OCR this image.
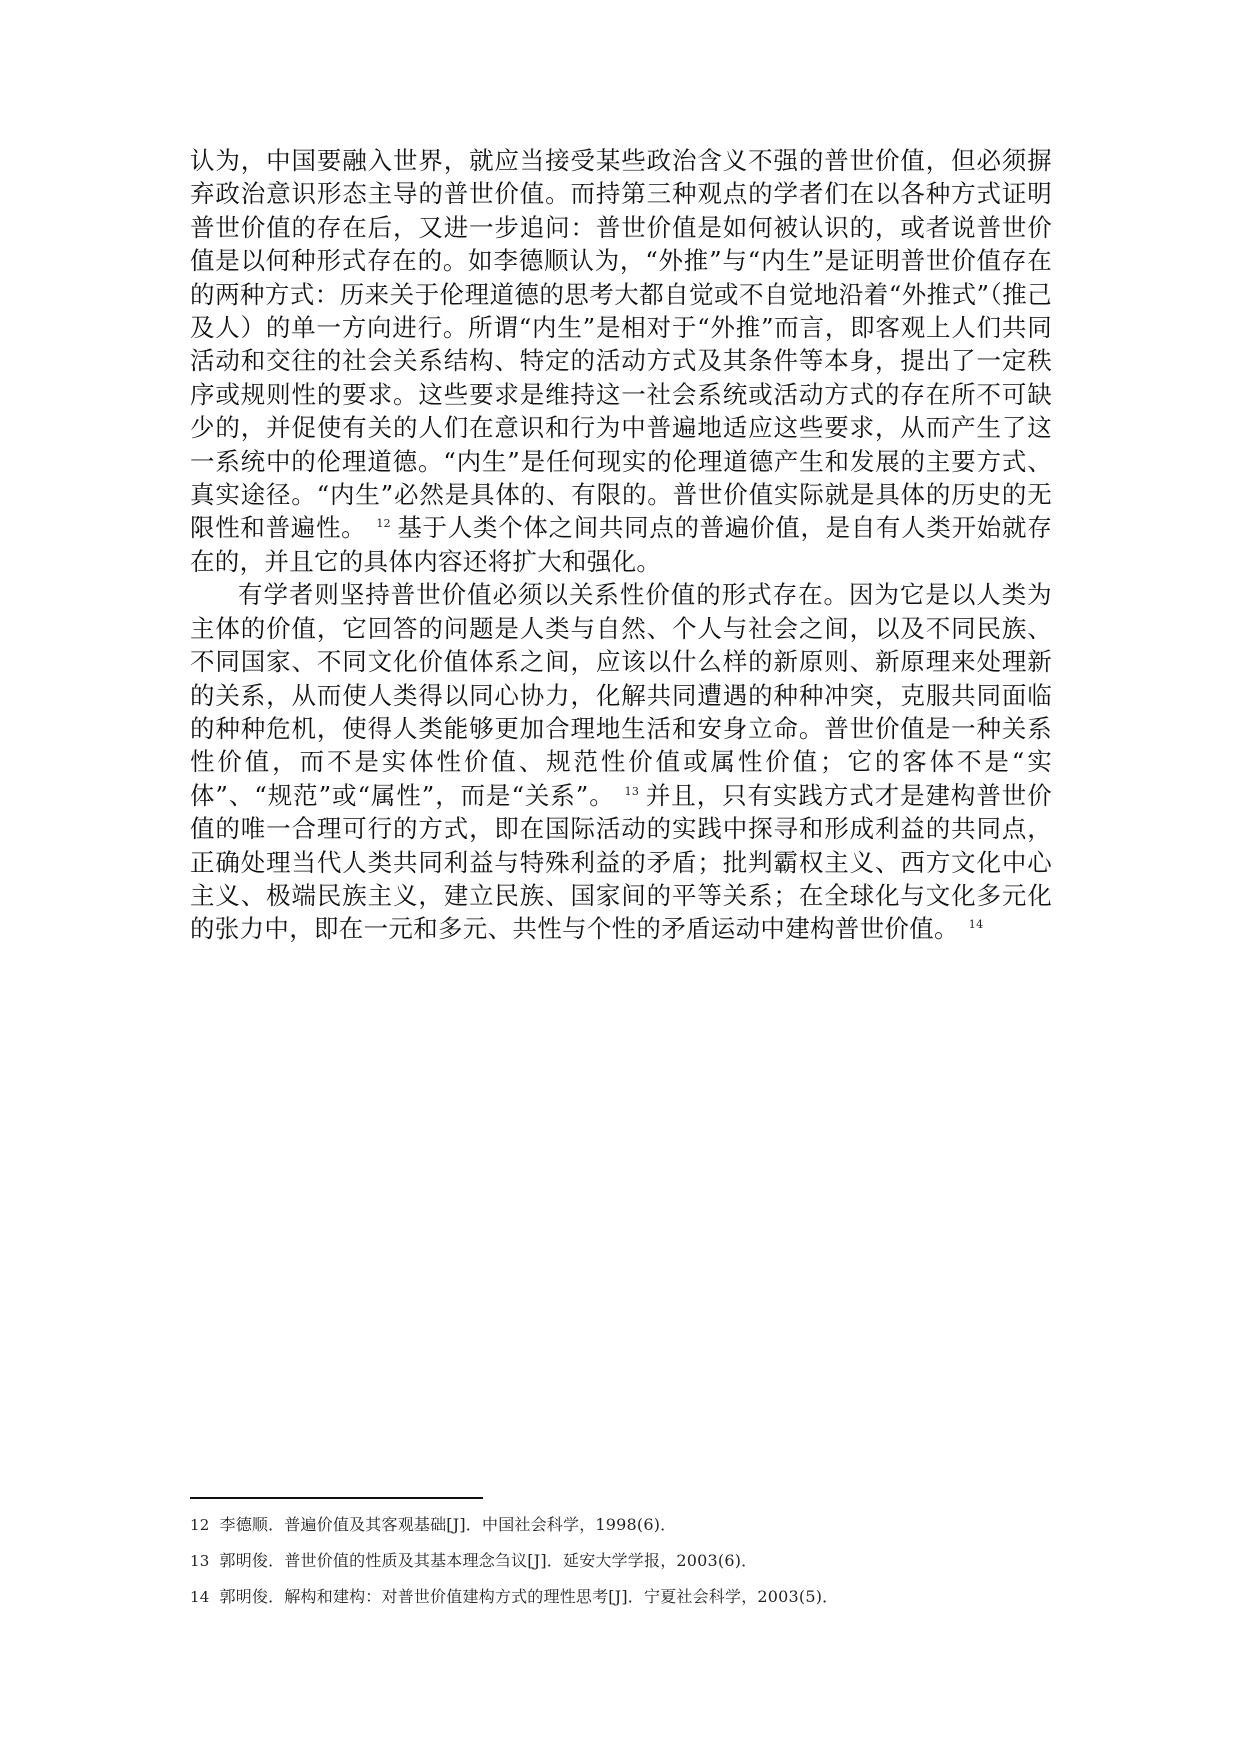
认为，中国要融入世界，就应当接受某些政治含义不强的普世价值，但必须摒弃政治意识形态主导的普世价值。而持第三种观点的学者们在以各种方式证明普世价值的存在后，又进一步追问：普世价值是如何被认识的，或者说普世价值是以何种形式存在的。如李德顺认为，“外推”与“内生”是证明普世价值存在的两种方式：历来关于伦理道德的思考大都自觉或不自觉地沿着“外推式”（推己及人）的单一方向进行。所谓“内生”是相对于“外推”而言，即客观上人们共同活动和交往的社会关系结构、特定的活动方式及其条件等本身，提出了一定秩序或规则性的要求。这些要求是维持这一社会系统或活动方式的存在所不可缺少的，并促使有关的人们在意识和行为中普遍地适应这些要求，从而产生了这一系统中的伦理道德。“内生”是任何现实的伦理道德产生和发展的主要方式、真实途径。“内生”必然是具体的、有限的。普世价值实际就是具体的历史的无限性和普遍性。 $^{12}$ 基于人类个体之间共同点的普遍价值，是自有人类开始就存在的，并且它的具体内容还将扩大和强化。

有学者则坚持普世价值必须以关系性价值的形式存在。因为它是以人类为主体的价值，它回答的问题是人类与自然、个人与社会之间，以及不同民族、不同国家、不同文化价值体系之间，应该以什么样的新原则、新原理来处理新的关系，从而使人类得以同心协力，化解共同遭遇的种种冲突，克服共同面临的种种危机，使得人类能够更加合理地生活和安身立命。普世价值是一种关系性价值，而不是实体性价值、规范性价值或属性价值；它的客体不是“实体”、“规范”或“属性”，而是“关系”。 $^{13}$ 并且，只有实践方式才是建构普世价值的唯一合理可行的方式，即在国际活动的实践中探寻和形成利益的共同点，正确处理当代人类共同利益与特殊利益的矛盾；批判霸权主义、西方文化中心主义、极端民族主义，建立民族、国家间的平等关系；在全球化与文化多元化的张力中，即在一元和多元、共性与个性的矛盾运动中建构普世价值。 $^{14}$

12 李德顺．普遍价值及其客观基础[J]．中国社会科学，1998(6)．
13 郭明俊．普世价值的性质及其基本理念刍议[J]．延安大学学报，2003(6)．
14 郭明俊．解构和建构：对普世价值建构方式的理性思考[J]．宁夏社会科学，2003(5)．
